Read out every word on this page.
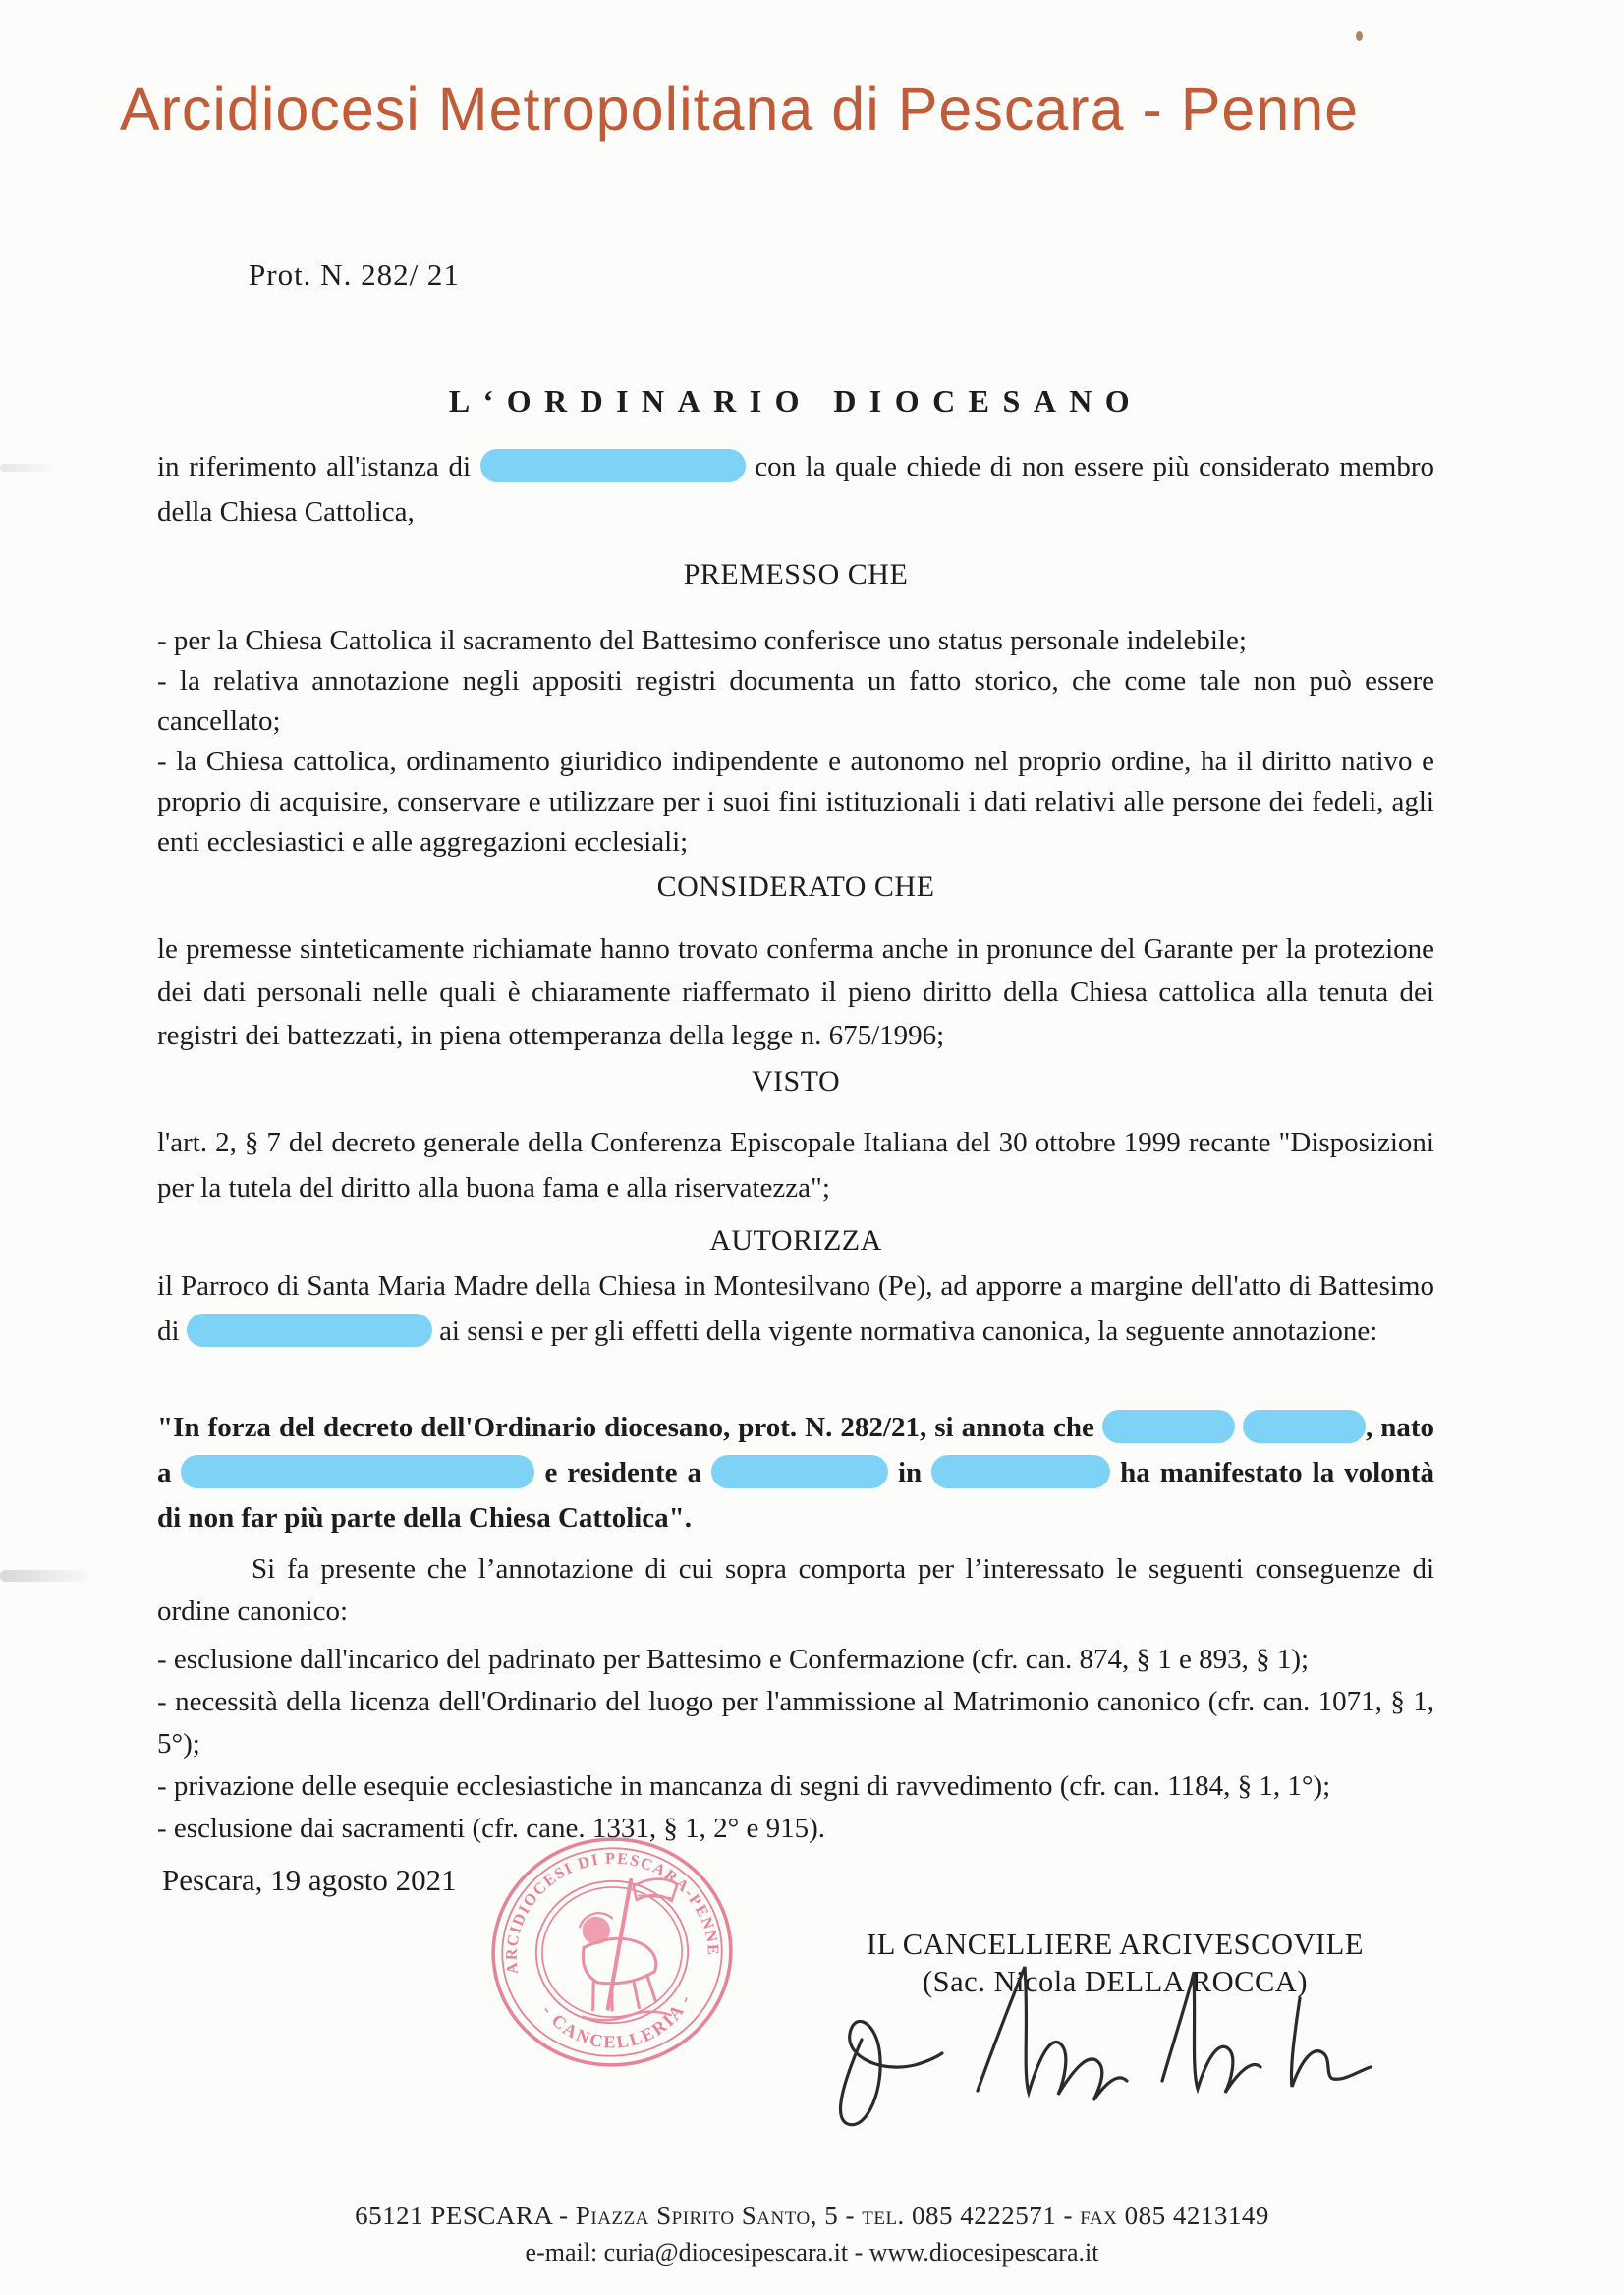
Arcidiocesi Metropolitana di Pescara - Penne
Prot. N. 282/ 21
L‘ORDINARIO DIOCESANO

in riferimento all'istanza di	con la quale chiede di non essere più considerato membro della Chiesa Cattolica,

PREMESSO CHE

- per la Chiesa Cattolica il sacramento del Battesimo conferisce uno status personale indelebile;

- la relativa annotazione negli appositi registri documenta un fatto storico, che come tale non può essere cancellato;

- la Chiesa cattolica, ordinamento giuridico indipendente e autonomo nel proprio ordine, ha il diritto nativo e proprio di acquisire, conservare e utilizzare per i suoi fini istituzionali i dati relativi alle persone dei fedeli, agli enti ecclesiastici e alle aggregazioni ecclesiali;

CONSIDERATO CHE

le premesse sinteticamente richiamate hanno trovato conferma anche in pronunce del Garante per la protezione dei dati personali nelle quali è chiaramente riaffermato il pieno diritto della Chiesa cattolica alla tenuta dei registri dei battezzati, in piena ottemperanza della legge n. 675/1996;

VISTO

l'art. 2, § 7 del decreto generale della Conferenza Episcopale Italiana del 30 ottobre 1999 recante "Disposizioni per la tutela del diritto alla buona fama e alla riservatezza";

AUTORIZZA

il Parroco di Santa Maria Madre della Chiesa in Montesilvano (Pe), ad apporre a margine dell'atto di Battesimo di	ai sensi e per gli effetti della vigente normativa canonica, la seguente annotazione:

"In forza del decreto dell'Ordinario diocesano, prot. N. 282/21, si annota che	, nato a	e residente a	in	ha manifestato la volontà di non far più parte della Chiesa Cattolica".

Si fa presente che l’annotazione di cui sopra comporta per l’interessato le seguenti conseguenze di ordine canonico:

- esclusione dall'incarico del padrinato per Battesimo e Confermazione (cfr. can. 874, § 1 e 893, § 1);

- necessità della licenza dell'Ordinario del luogo per l'ammissione al Matrimonio canonico (cfr. can. 1071, § 1, 5°);

- privazione delle esequie ecclesiastiche in mancanza di segni di ravvedimento (cfr. can. 1184, § 1, 1°);

- esclusione dai sacramenti (cfr. cane. 1331, § 1, 2° e 915).

Pescara, 19 agosto 2021
ARCIDIOCESI DI PESCARA-PENNE
- CANCELLERIA -
IL CANCELLIERE ARCIVESCOVILE
(Sac. Nicola DELLA ROCCA)
65121 PESCARA - Piazza Spirito Santo, 5 - tel. 085 4222571 - fax 085 4213149
e-mail: curia@diocesipescara.it - www.diocesipescara.it
